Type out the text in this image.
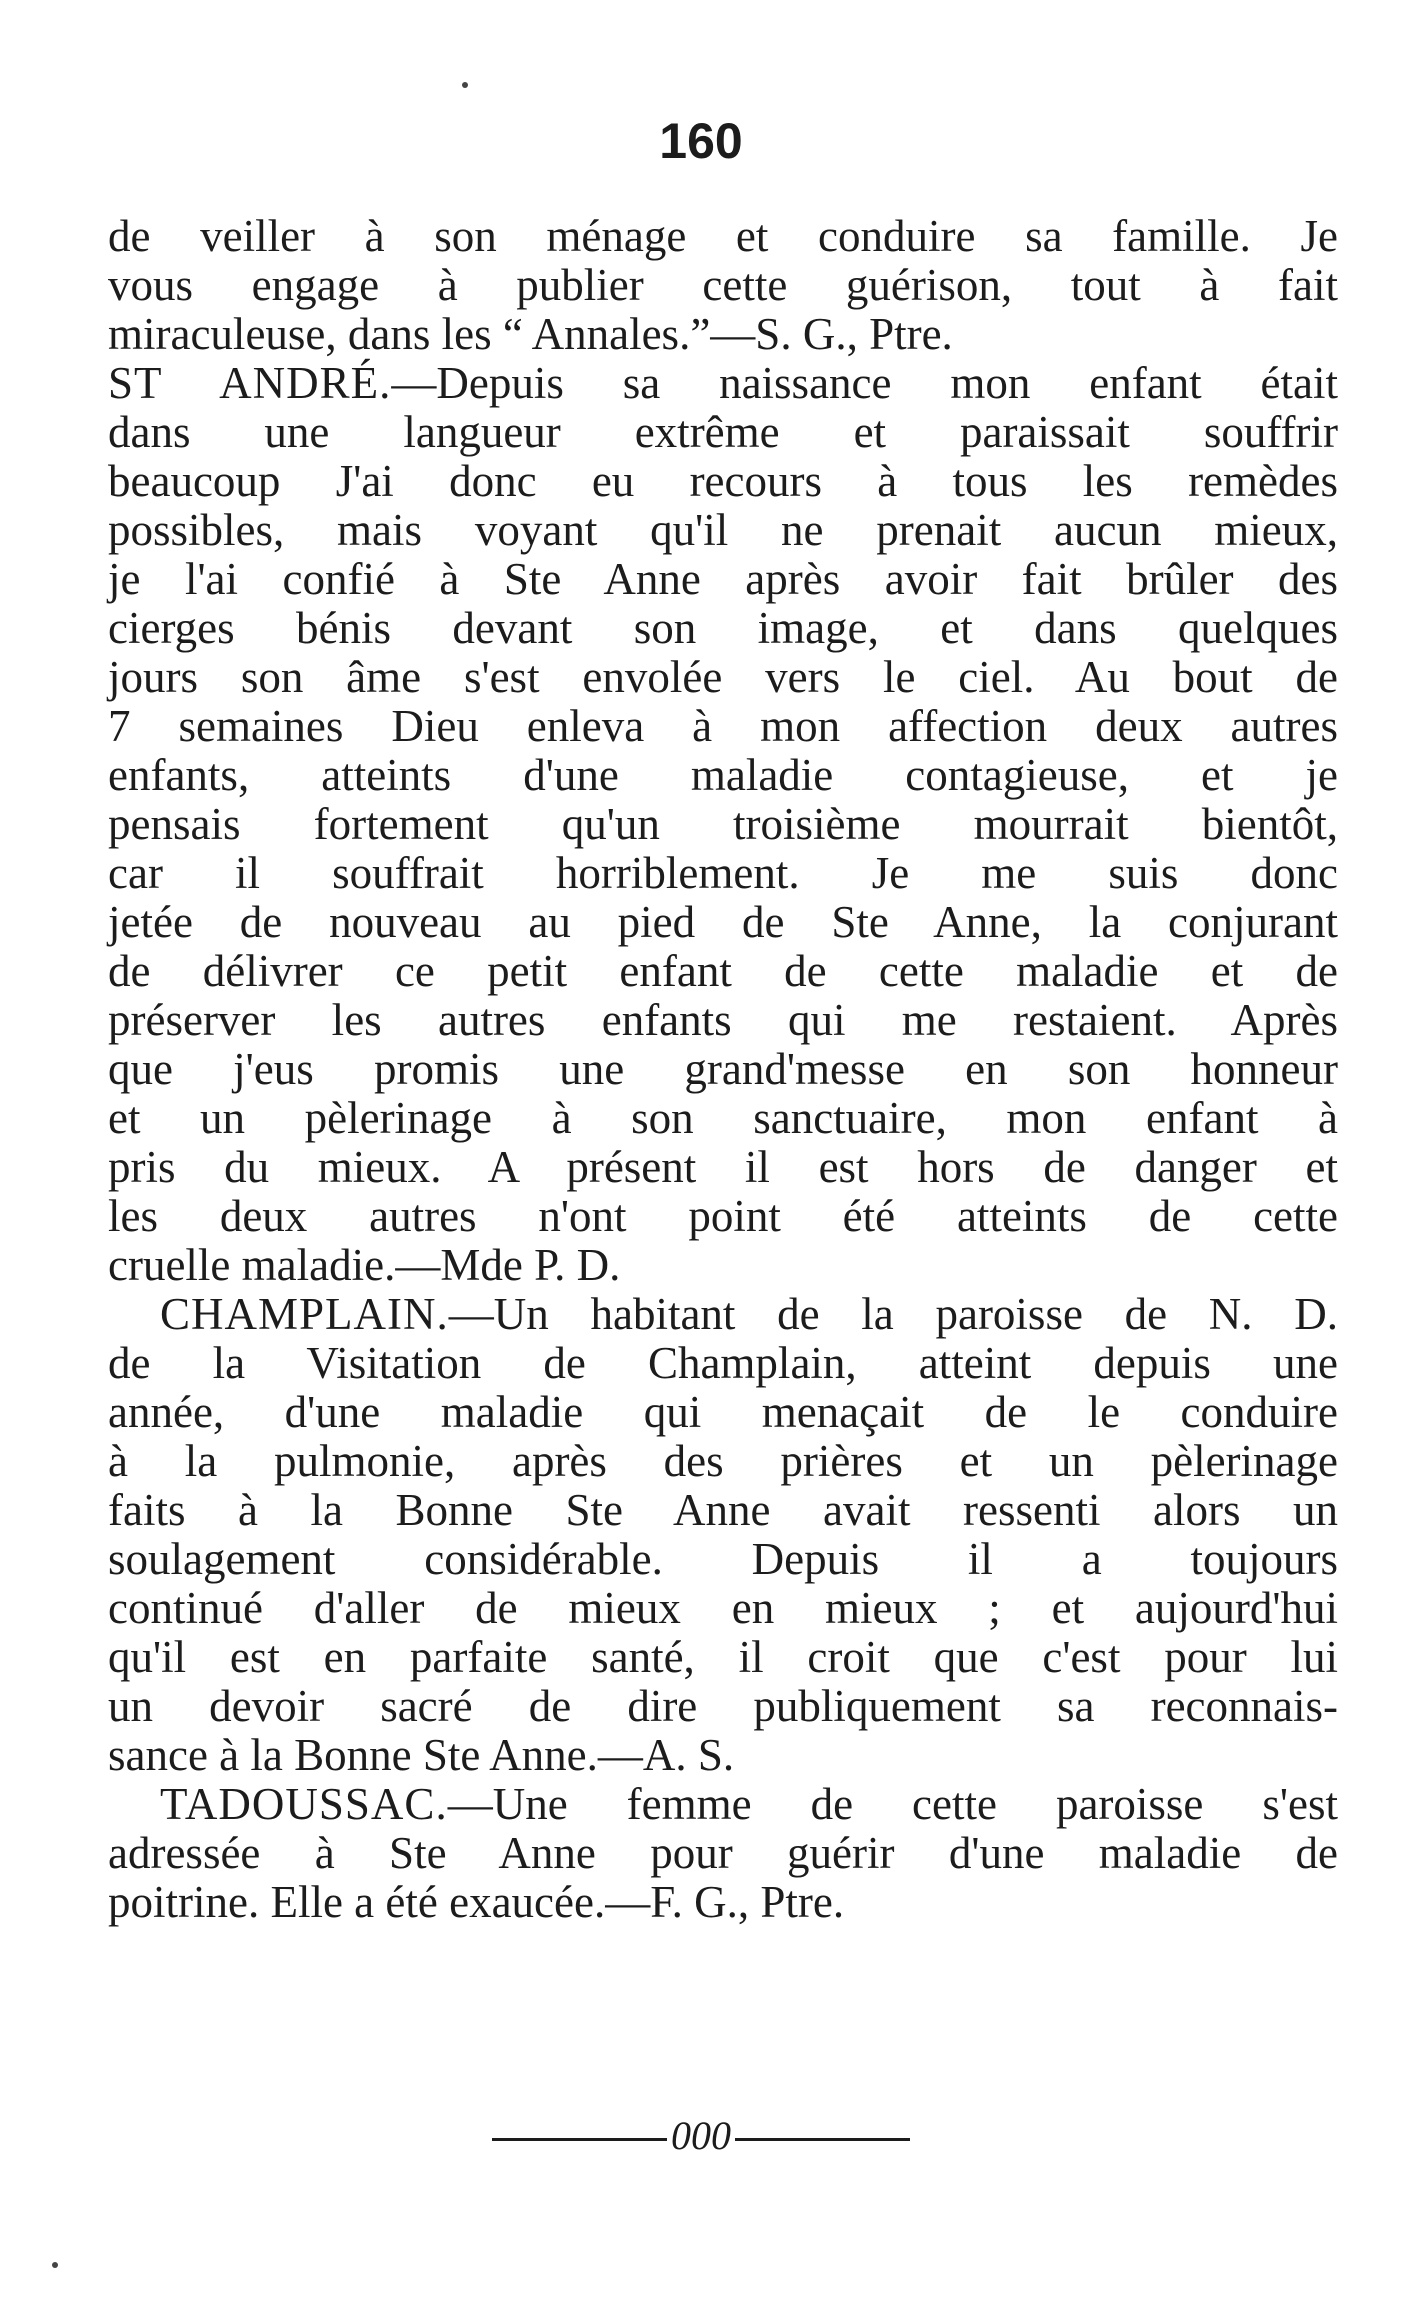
160
de veiller à son ménage et conduire sa famille. Je
vous engage à publier cette guérison, tout à fait
miraculeuse, dans les “ Annales.”—S. G., Ptre.
ST ANDRÉ.—Depuis sa naissance mon enfant était
dans une langueur extrême et paraissait souffrir
beaucoup J'ai donc eu recours à tous les remèdes
possibles, mais voyant qu'il ne prenait aucun mieux,
je l'ai confié à Ste Anne après avoir fait brûler des
cierges bénis devant son image, et dans quelques
jours son âme s'est envolée vers le ciel. Au bout de
7 semaines Dieu enleva à mon affection deux autres
enfants, atteints d'une maladie contagieuse, et je
pensais fortement qu'un troisième mourrait bientôt,
car il souffrait horriblement. Je me suis donc
jetée de nouveau au pied de Ste Anne, la conjurant
de délivrer ce petit enfant de cette maladie et de
préserver les autres enfants qui me restaient. Après
que j'eus promis une grand'messe en son honneur
et un pèlerinage à son sanctuaire, mon enfant à
pris du mieux. A présent il est hors de danger et
les deux autres n'ont point été atteints de cette
cruelle maladie.—Mde P. D.
CHAMPLAIN.—Un habitant de la paroisse de N. D.
de la Visitation de Champlain, atteint depuis une
année, d'une maladie qui menaçait de le conduire
à la pulmonie, après des prières et un pèlerinage
faits à la Bonne Ste Anne avait ressenti alors un
soulagement considérable. Depuis il a toujours
continué d'aller de mieux en mieux ; et aujourd'hui
qu'il est en parfaite santé, il croit que c'est pour lui
un devoir sacré de dire publiquement sa reconnais-
sance à la Bonne Ste Anne.—A. S.
TADOUSSAC.—Une femme de cette paroisse s'est
adressée à Ste Anne pour guérir d'une maladie de
poitrine. Elle a été exaucée.—F. G., Ptre.
000
